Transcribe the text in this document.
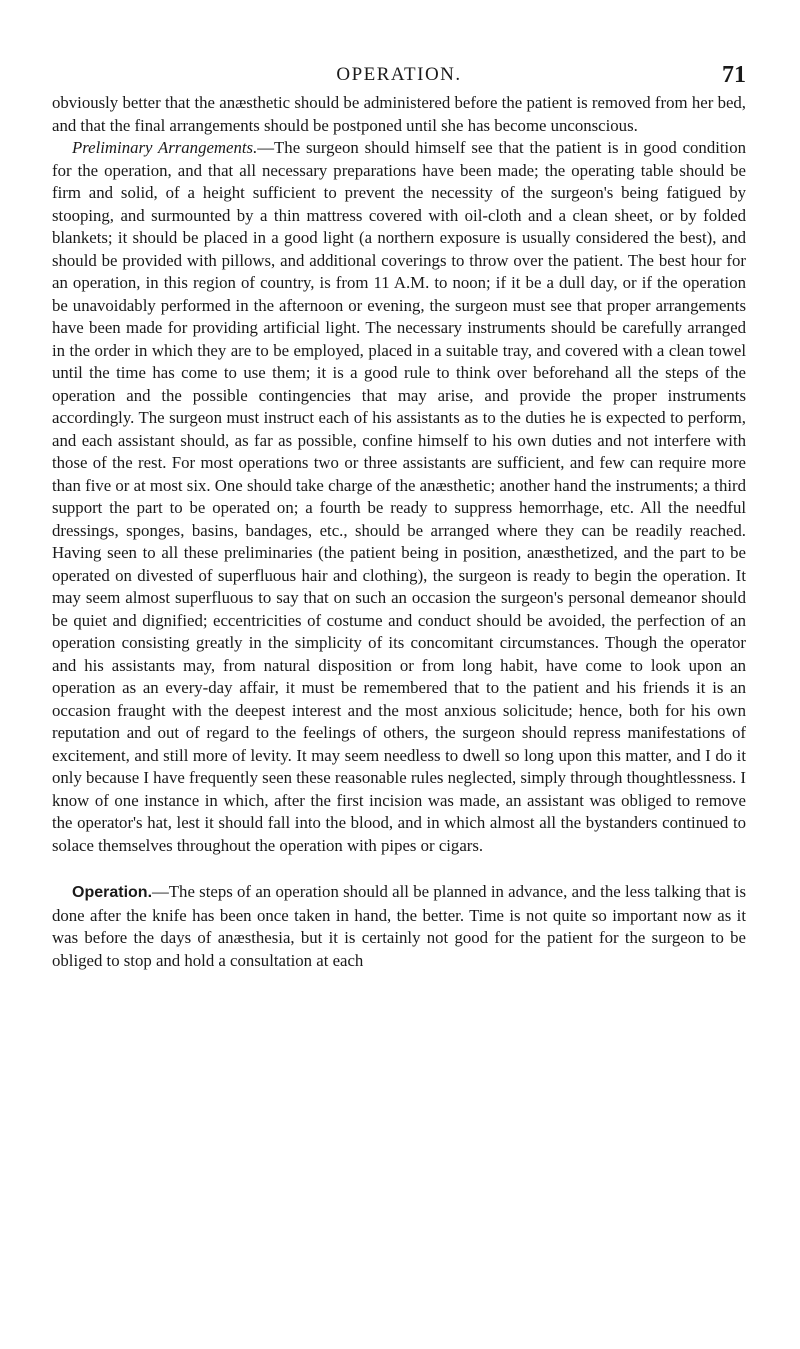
OPERATION.	71

obviously better that the anæsthetic should be administered before the patient is removed from her bed, and that the final arrangements should be postponed until she has become unconscious.

Preliminary Arrangements.—The surgeon should himself see that the patient is in good condition for the operation, and that all necessary preparations have been made; the operating table should be firm and solid, of a height sufficient to prevent the necessity of the surgeon's being fatigued by stooping, and surmounted by a thin mattress covered with oil-cloth and a clean sheet, or by folded blankets; it should be placed in a good light (a northern exposure is usually considered the best), and should be provided with pillows, and additional coverings to throw over the patient. The best hour for an operation, in this region of country, is from 11 A.M. to noon; if it be a dull day, or if the operation be unavoidably performed in the afternoon or evening, the surgeon must see that proper arrangements have been made for providing artificial light. The necessary instruments should be carefully arranged in the order in which they are to be employed, placed in a suitable tray, and covered with a clean towel until the time has come to use them; it is a good rule to think over beforehand all the steps of the operation and the possible contingencies that may arise, and provide the proper instruments accordingly. The surgeon must instruct each of his assistants as to the duties he is expected to perform, and each assistant should, as far as possible, confine himself to his own duties and not interfere with those of the rest. For most operations two or three assistants are sufficient, and few can require more than five or at most six. One should take charge of the anæsthetic; another hand the instruments; a third support the part to be operated on; a fourth be ready to suppress hemorrhage, etc. All the needful dressings, sponges, basins, bandages, etc., should be arranged where they can be readily reached. Having seen to all these preliminaries (the patient being in position, anæsthetized, and the part to be operated on divested of superfluous hair and clothing), the surgeon is ready to begin the operation. It may seem almost superfluous to say that on such an occasion the surgeon's personal demeanor should be quiet and dignified; eccentricities of costume and conduct should be avoided, the perfection of an operation consisting greatly in the simplicity of its concomitant circumstances. Though the operator and his assistants may, from natural disposition or from long habit, have come to look upon an operation as an every-day affair, it must be remembered that to the patient and his friends it is an occasion fraught with the deepest interest and the most anxious solicitude; hence, both for his own reputation and out of regard to the feelings of others, the surgeon should repress manifestations of excitement, and still more of levity. It may seem needless to dwell so long upon this matter, and I do it only because I have frequently seen these reasonable rules neglected, simply through thoughtlessness. I know of one instance in which, after the first incision was made, an assistant was obliged to remove the operator's hat, lest it should fall into the blood, and in which almost all the bystanders continued to solace themselves throughout the operation with pipes or cigars.

Operation.—The steps of an operation should all be planned in advance, and the less talking that is done after the knife has been once taken in hand, the better. Time is not quite so important now as it was before the days of anæsthesia, but it is certainly not good for the patient for the surgeon to be obliged to stop and hold a consultation at each
